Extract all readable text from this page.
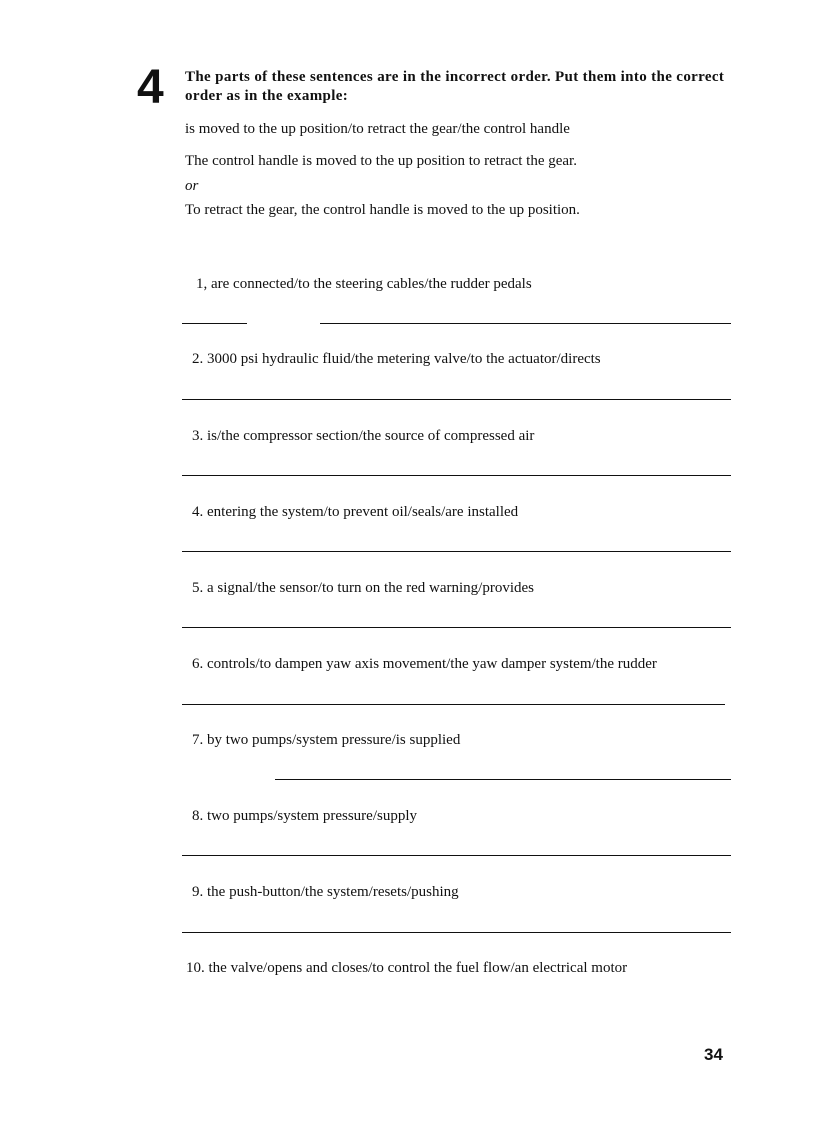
4 The parts of these sentences are in the incorrect order. Put them into the correct order as in the example:
is moved to the up position/to retract the gear/the control handle
The control handle is moved to the up position to retract the gear.
or
To retract the gear, the control handle is moved to the up position.
1, are connected/to the steering cables/the rudder pedals
2. 3000 psi hydraulic fluid/the metering valve/to the actuator/directs
3. is/the compressor section/the source of compressed air
4. entering the system/to prevent oil/seals/are installed
5. a signal/the sensor/to turn on the red warning/provides
6. controls/to dampen yaw axis movement/the yaw damper system/the rudder
7. by two pumps/system pressure/is supplied
8. two pumps/system pressure/supply
9. the push-button/the system/resets/pushing
10. the valve/opens and closes/to control the fuel flow/an electrical motor
34
